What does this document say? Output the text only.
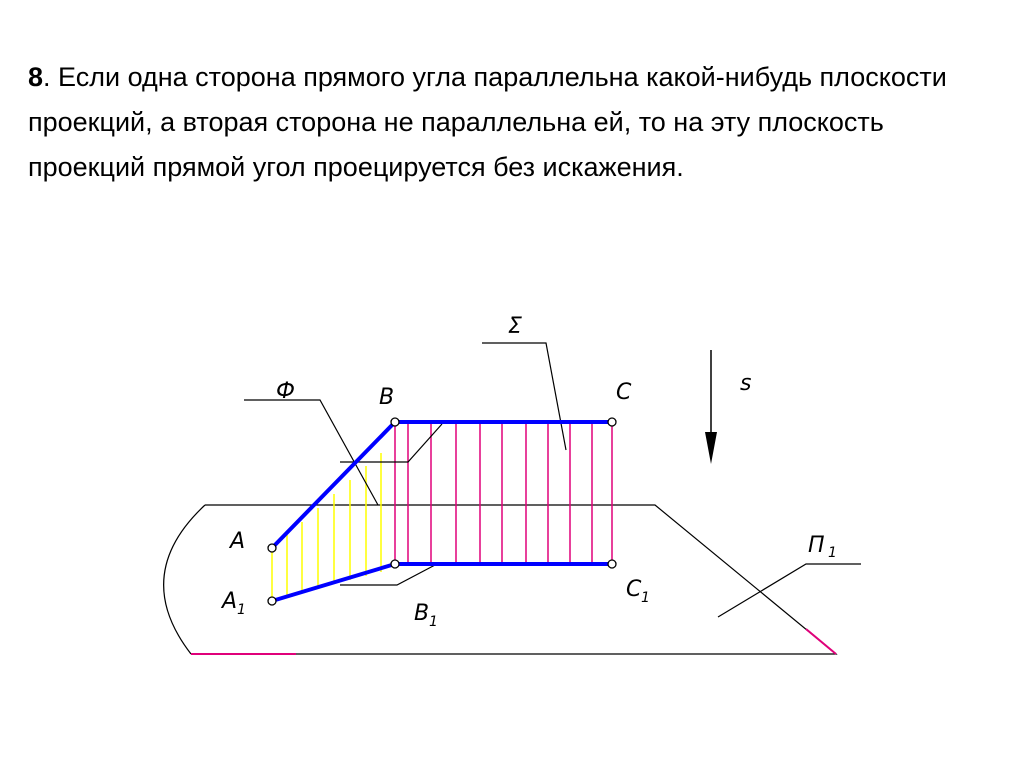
8. Если одна сторона прямого угла параллельна какой-нибудь плоскости проекций, а вторая сторона не параллельна ей, то на эту плоскость проекций прямой угол проецируется без искажения.
Ф
Σ
B	C
A
A 1	B 1
C 1
П 1
s
